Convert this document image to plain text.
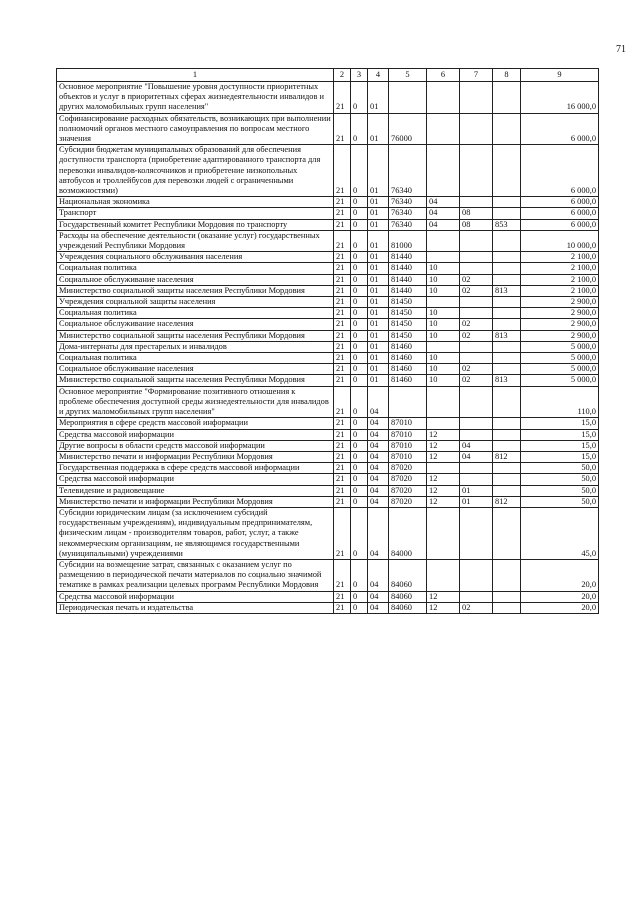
71
1	2	3	4	5	6	7	8	9
Основное мероприятие "Повышение уровня доступности приоритетных объектов и услуг в приоритетных сферах жизнедеятельности инвалидов и других маломобильных групп населения"	21	0	01					16 000,0
Софинансирование расходных обязательств, возникающих при выполнении полномочий органов местного самоуправления по вопросам местного значения	21	0	01	76000				6 000,0
Субсидии бюджетам муниципальных образований для обеспечения доступности транспорта (приобретение адаптированного транспорта для перевозки инвалидов-колясочников и приобретение низкопольных автобусов и троллейбусов для перевозки людей с ограниченными возможностями)	21	0	01	76340				6 000,0
Национальная экономика	21	0	01	76340	04			6 000,0
Транспорт	21	0	01	76340	04	08		6 000,0
Государственный комитет Республики Мордовия по транспорту	21	0	01	76340	04	08	853	6 000,0
Расходы на обеспечение деятельности (оказание услуг) государственных учреждений Республики Мордовия	21	0	01	81000				10 000,0
Учреждения социального обслуживания населения	21	0	01	81440				2 100,0
Социальная политика	21	0	01	81440	10			2 100,0
Социальное обслуживание населения	21	0	01	81440	10	02		2 100,0
Министерство социальной защиты населения Республики Мордовия	21	0	01	81440	10	02	813	2 100,0
Учреждения социальной защиты населения	21	0	01	81450				2 900,0
Социальная политика	21	0	01	81450	10			2 900,0
Социальное обслуживание населения	21	0	01	81450	10	02		2 900,0
Министерство социальной защиты населения Республики Мордовия	21	0	01	81450	10	02	813	2 900,0
Дома-интернаты для престарелых и инвалидов	21	0	01	81460				5 000,0
Социальная политика	21	0	01	81460	10			5 000,0
Социальное обслуживание населения	21	0	01	81460	10	02		5 000,0
Министерство социальной защиты населения Республики Мордовия	21	0	01	81460	10	02	813	5 000,0
Основное мероприятие "Формирование позитивного отношения к проблеме обеспечения доступной среды жизнедеятельности для инвалидов и других маломобильных групп населения"	21	0	04					110,0
Мероприятия в сфере средств массовой информации	21	0	04	87010				15,0
Средства массовой информации	21	0	04	87010	12			15,0
Другие вопросы в области средств массовой информации	21	0	04	87010	12	04		15,0
Министерство печати и информации Республики Мордовия	21	0	04	87010	12	04	812	15,0
Государственная поддержка в сфере средств массовой информации	21	0	04	87020				50,0
Средства массовой информации	21	0	04	87020	12			50,0
Телевидение и радиовещание	21	0	04	87020	12	01		50,0
Министерство печати и информации Республики Мордовия	21	0	04	87020	12	01	812	50,0
Субсидии юридическим лицам (за исключением субсидий государственным учреждениям), индивидуальным предпринимателям, физическим лицам - производителям товаров, работ, услуг, а также некоммерческим организациям, не являющимся государственными (муниципальными) учреждениями	21	0	04	84000				45,0
Субсидии на возмещение затрат, связанных с оказанием услуг по размещению в периодической печати материалов по социально значимой тематике в рамках реализации целевых программ Республики Мордовия	21	0	04	84060				20,0
Средства массовой информации	21	0	04	84060	12			20,0
Периодическая печать и издательства	21	0	04	84060	12	02		20,0
